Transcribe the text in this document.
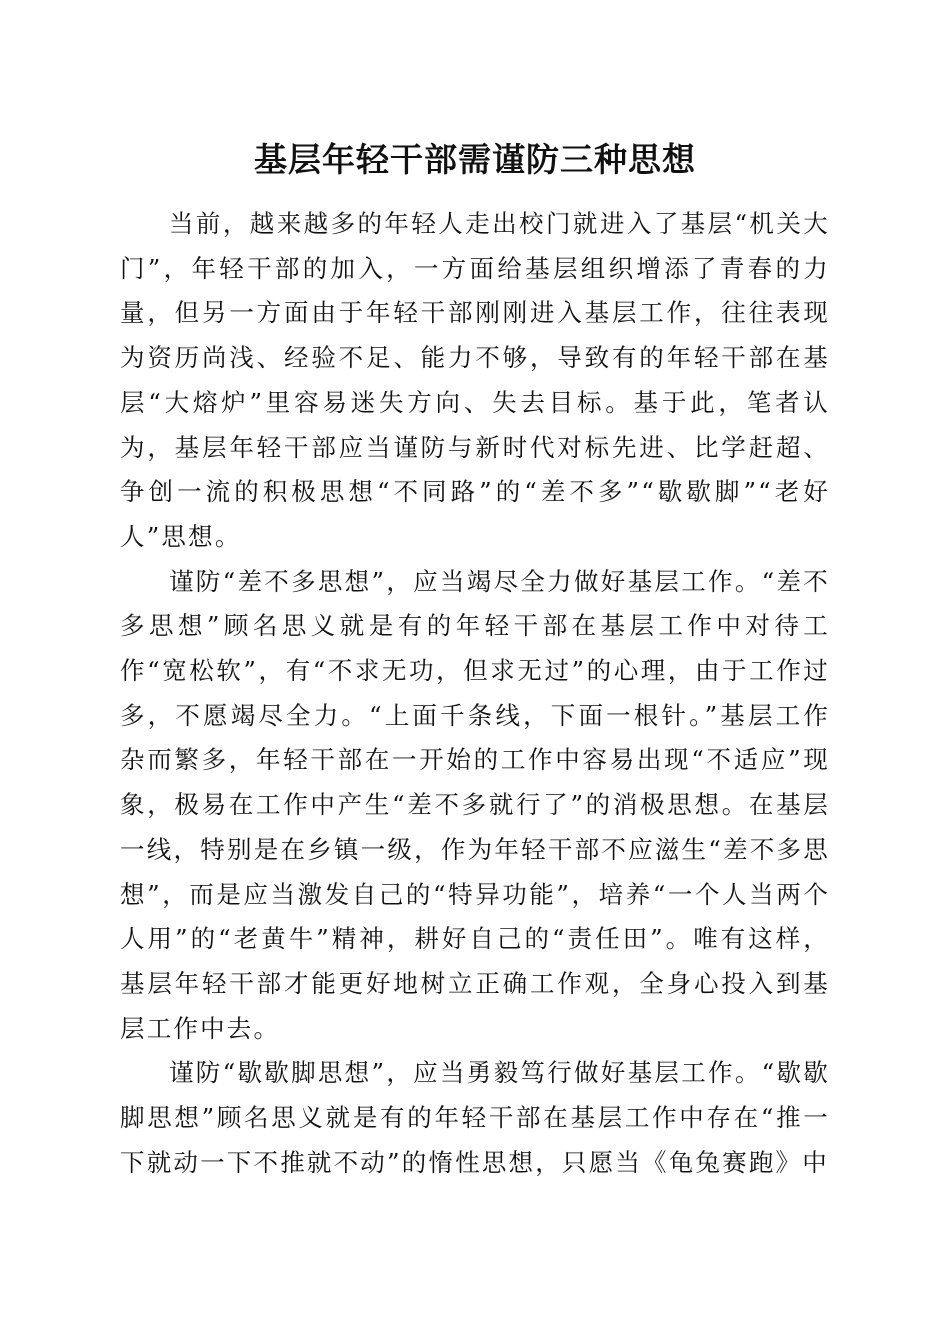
基层年轻干部需谨防三种思想

当前，越来越多的年轻人走出校门就进入了基层“机关大门”，年轻干部的加入，一方面给基层组织增添了青春的力量，但另一方面由于年轻干部刚刚进入基层工作，往往表现为资历尚浅、经验不足、能力不够，导致有的年轻干部在基层“大熔炉”里容易迷失方向、失去目标。基于此，笔者认为，基层年轻干部应当谨防与新时代对标先进、比学赶超、争创一流的积极思想“不同路”的“差不多”“歇歇脚”“老好人”思想。

谨防“差不多思想”，应当竭尽全力做好基层工作。“差不多思想”顾名思义就是有的年轻干部在基层工作中对待工作“宽松软”，有“不求无功，但求无过”的心理，由于工作过多，不愿竭尽全力。“上面千条线，下面一根针。”基层工作杂而繁多，年轻干部在一开始的工作中容易出现“不适应”现象，极易在工作中产生“差不多就行了”的消极思想。在基层一线，特别是在乡镇一级，作为年轻干部不应滋生“差不多思想”，而是应当激发自己的“特异功能”，培养“一个人当两个人用”的“老黄牛”精神，耕好自己的“责任田”。唯有这样，基层年轻干部才能更好地树立正确工作观，全身心投入到基层工作中去。

谨防“歇歇脚思想”，应当勇毅笃行做好基层工作。“歇歇脚思想”顾名思义就是有的年轻干部在基层工作中存在“推一下就动一下不推就不动”的惰性思想，只愿当《龟兔赛跑》中
